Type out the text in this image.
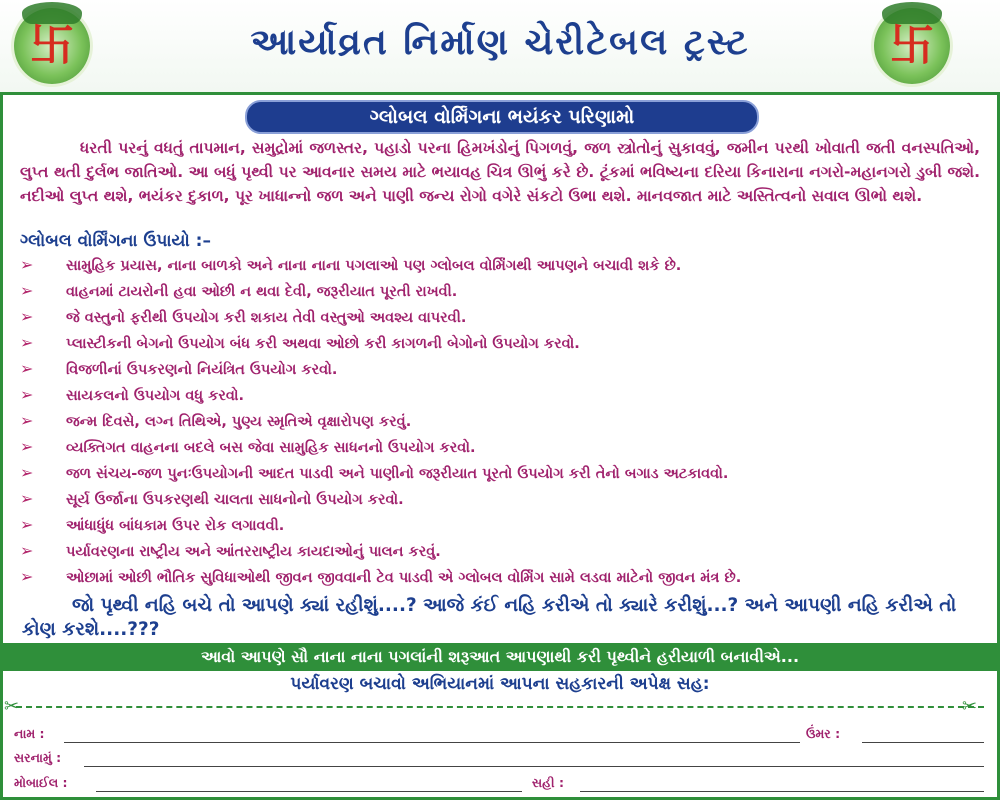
卐	આર્યાવ્રત નિર્માણ ચેરીટેબલ ટ્રસ્ટ	卐
ગ્લોબલ વોર્મિંગના ભયંકર પરિણામો
ધરતી પરનું વધતું તાપમાન, સમુદ્રોમાં જળસ્તર, પહાડો પરના હિમખંડોનું પિગળવું, જળ સ્ત્રોતોનું સુકાવવું, જમીન પરથી ખોવાતી જતી વનસ્પતિઓ, લુપ્ત થતી દુર્લભ જાતિઓ. આ બધું પૃથ્વી પર આવનાર સમય માટે ભયાવહ ચિત્ર ઊભું કરે છે. ટૂંકમાં ભવિષ્યના દરિયા કિનારાના નગરો-મહાનગરો ડુબી જશે. નદીઓ લુપ્ત થશે, ભયંકર દુકાળ, પૂર ખાધાન્નો જળ અને પાણી જન્ય રોગો વગેરે સંકટો ઉભા થશે. માનવજાત માટે અસ્તિત્વનો સવાલ ઊભો થશે.
ગ્લોબલ વોર્મિંગના ઉપાયો :–
➢ સામુહિક પ્રયાસ, નાના બાળકો અને નાના નાના પગલાઓ પણ ગ્લોબલ વોર્મિંગથી આપણને બચાવી શકે છે.
➢ વાહનમાં ટાયરોની હવા ઓછી ન થવા દેવી, જરૂરીયાત પૂરતી રાખવી.
➢ જે વસ્તુનો ફરીથી ઉપયોગ કરી શકાય તેવી વસ્તુઓ અવશ્ય વાપરવી.
➢ પ્લાસ્ટીકની બેગનો ઉપયોગ બંધ કરી અથવા ઓછો કરી કાગળની બેગોનો ઉપયોગ કરવો.
➢ વિજળીનાં ઉપકરણનો નિયંત્રિત ઉપયોગ કરવો.
➢ સાયકલનો ઉપયોગ વધુ કરવો.
➢ જન્મ દિવસે, લગ્ન તિથિએ, પુણ્ય સ્મૃતિએ વૃક્ષારોપણ કરવું.
➢ વ્યક્તિગત વાહનના બદલે બસ જેવા સામુહિક સાધનનો ઉપયોગ કરવો.
➢ જળ સંચય-જળ પુનઃઉપયોગની આદત પાડવી અને પાણીનો જરૂરીયાત પૂરતો ઉપયોગ કરી તેનો બગાડ અટકાવવો.
➢ સૂર્ય ઉર્જાના ઉપકરણથી ચાલતા સાધનોનો ઉપયોગ કરવો.
➢ આંધાધુંધ બાંધકામ ઉપર રોક લગાવવી.
➢ પર્યાવરણના રાષ્ટ્રીય અને આંતરરાષ્ટ્રીય કાયદાઓનું પાલન કરવું.
➢ ઓછામાં ઓછી ભૌતિક સુવિધાઓથી જીવન જીવવાની ટેવ પાડવી એ ગ્લોબલ વોર્મિંગ સામે લડવા માટેનો જીવન મંત્ર છે.
જો પૃથ્વી નહિ બચે તો આપણે ક્યાં રહીશું....? આજે કંઈ નહિ કરીએ તો ક્યારે કરીશું...? અને આપણી નહિ કરીએ તો કોણ કરશે....???
આવો આપણે સૌ નાના નાના પગલાંની શરૂઆત આપણાથી કરી પૃથ્વીને હરીયાળી બનાવીએ...
પર્યાવરણ બચાવો અભિયાનમાં આપના સહકારની અપેક્ષ સહ:
✂	✂
નામ :	ઉંમર :
સરનામું :
મોબાઈલ :	સહી :
